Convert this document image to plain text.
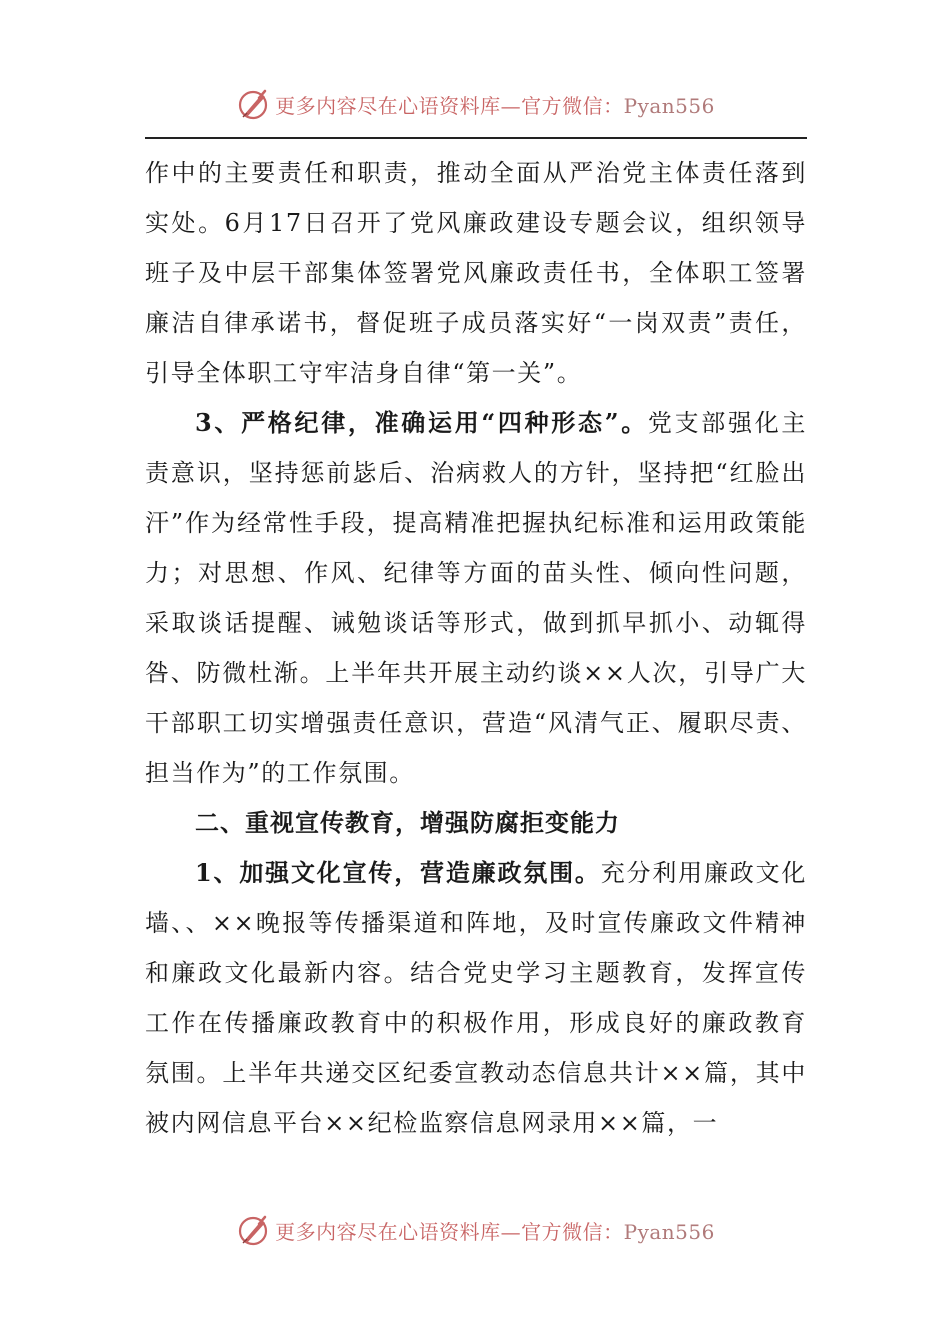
更多内容尽在心语资料库—官方微信：Pyan556

作中的主要责任和职责，推动全面从严治党主体责任落到实处。6月17日召开了党风廉政建设专题会议，组织领导班子及中层干部集体签署党风廉政责任书，全体职工签署廉洁自律承诺书，督促班子成员落实好“一岗双责”责任，引导全体职工守牢洁身自律“第一关”。

3、严格纪律，准确运用“四种形态”。党支部强化主责意识，坚持惩前毖后、治病救人的方针，坚持把“红脸出汗”作为经常性手段，提高精准把握执纪标准和运用政策能力；对思想、作风、纪律等方面的苗头性、倾向性问题，采取谈话提醒、诫勉谈话等形式，做到抓早抓小、动辄得咎、防微杜渐。上半年共开展主动约谈××人次，引导广大干部职工切实增强责任意识，营造“风清气正、履职尽责、担当作为”的工作氛围。

二、重视宣传教育，增强防腐拒变能力

1、加强文化宣传，营造廉政氛围。充分利用廉政文化墙、、××晚报等传播渠道和阵地，及时宣传廉政文件精神和廉政文化最新内容。结合党史学习主题教育，发挥宣传工作在传播廉政教育中的积极作用，形成良好的廉政教育氛围。上半年共递交区纪委宣教动态信息共计××篇，其中被内网信息平台××纪检监察信息网录用××篇，一

更多内容尽在心语资料库—官方微信：Pyan556
